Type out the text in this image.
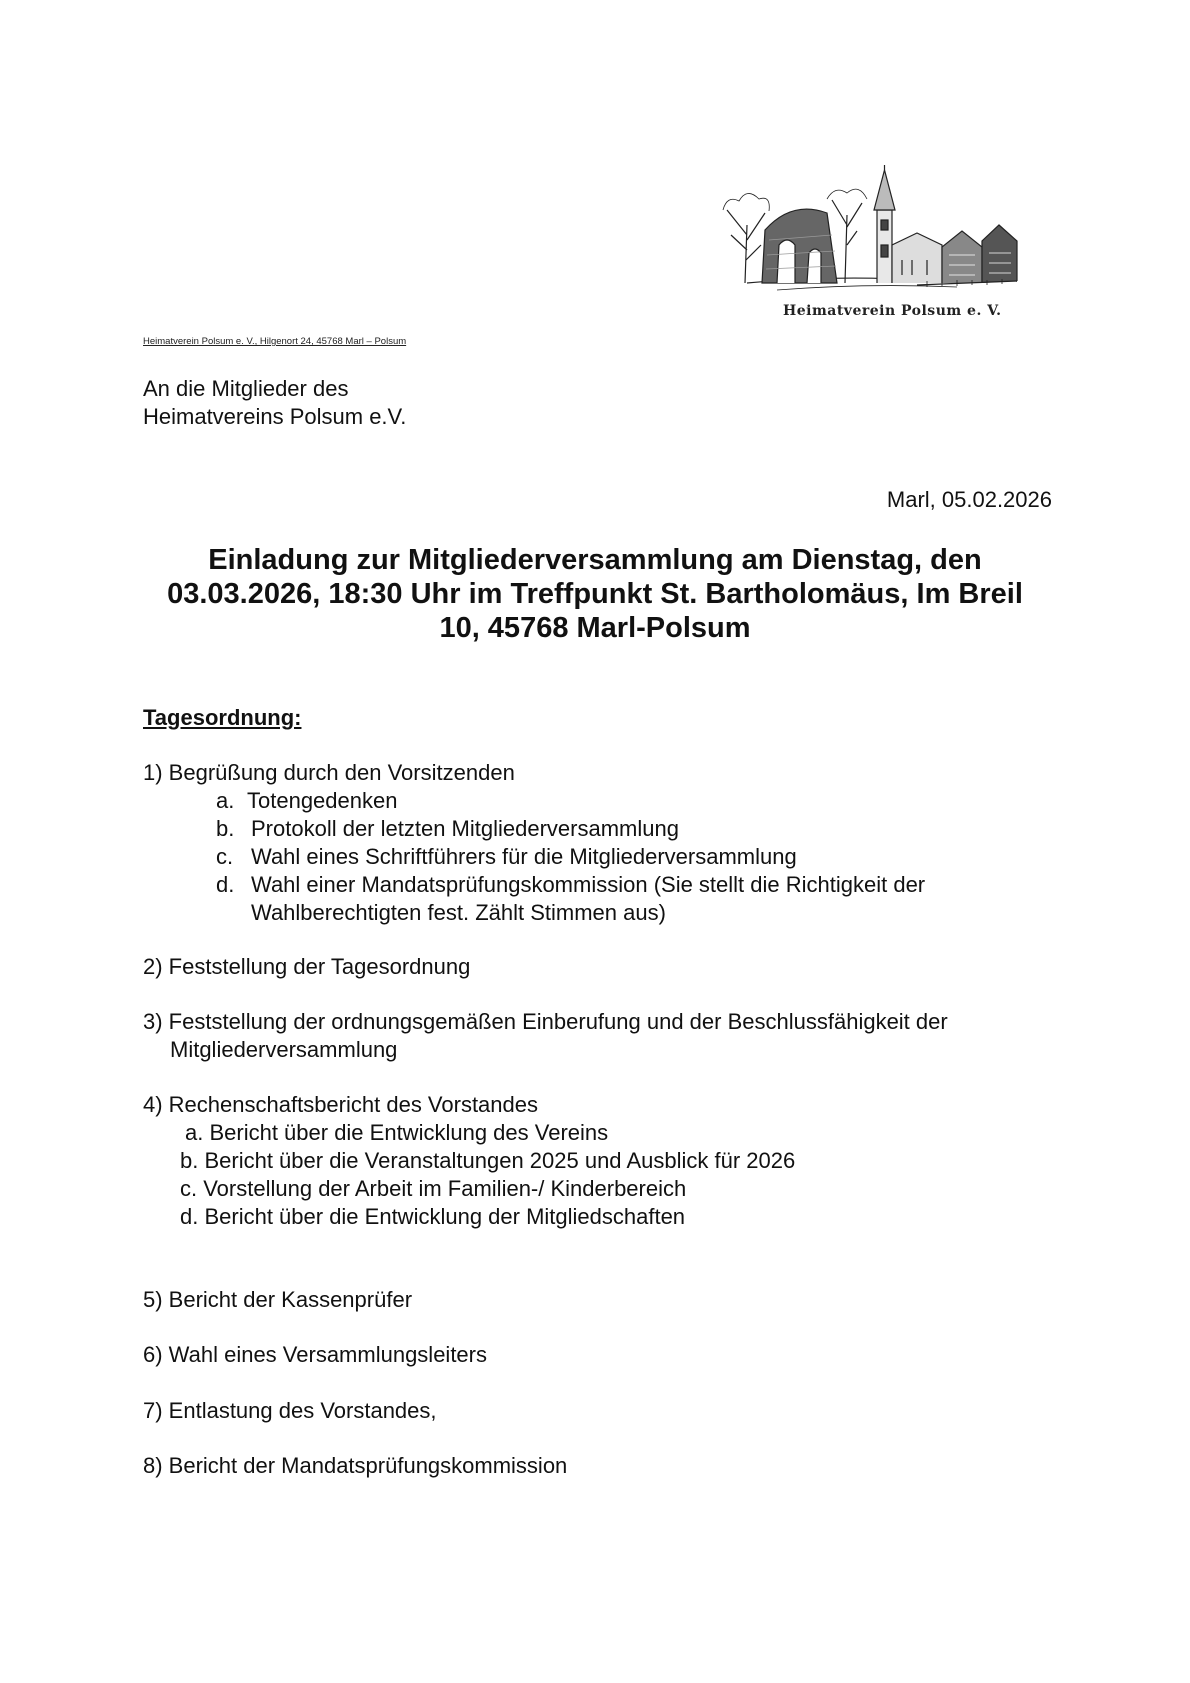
Heimatverein Polsum e. V.
Heimatverein Polsum e. V., Hilgenort 24, 45768 Marl – Polsum
An die Mitglieder des
Heimatvereins Polsum e.V.
Marl, 05.02.2026
Einladung zur Mitgliederversammlung am Dienstag, den 03.03.2026, 18:30 Uhr im Treffpunkt St. Bartholomäus, Im Breil 10, 45768 Marl-Polsum
Tagesordnung:
1) Begrüßung durch den Vorsitzenden
a. Totengedenken
b. Protokoll der letzten Mitgliederversammlung
c. Wahl eines Schriftführers für die Mitgliederversammlung
d. Wahl einer Mandatsprüfungskommission (Sie stellt die Richtigkeit der
Wahlberechtigten fest. Zählt Stimmen aus)
2) Feststellung der Tagesordnung
3) Feststellung der ordnungsgemäßen Einberufung und der Beschlussfähigkeit der
Mitgliederversammlung
4) Rechenschaftsbericht des Vorstandes
a. Bericht über die Entwicklung des Vereins
b. Bericht über die Veranstaltungen 2025 und Ausblick für 2026
c. Vorstellung der Arbeit im Familien-/ Kinderbereich
d. Bericht über die Entwicklung der Mitgliedschaften
5) Bericht der Kassenprüfer
6) Wahl eines Versammlungsleiters
7) Entlastung des Vorstandes,
8) Bericht der Mandatsprüfungskommission
